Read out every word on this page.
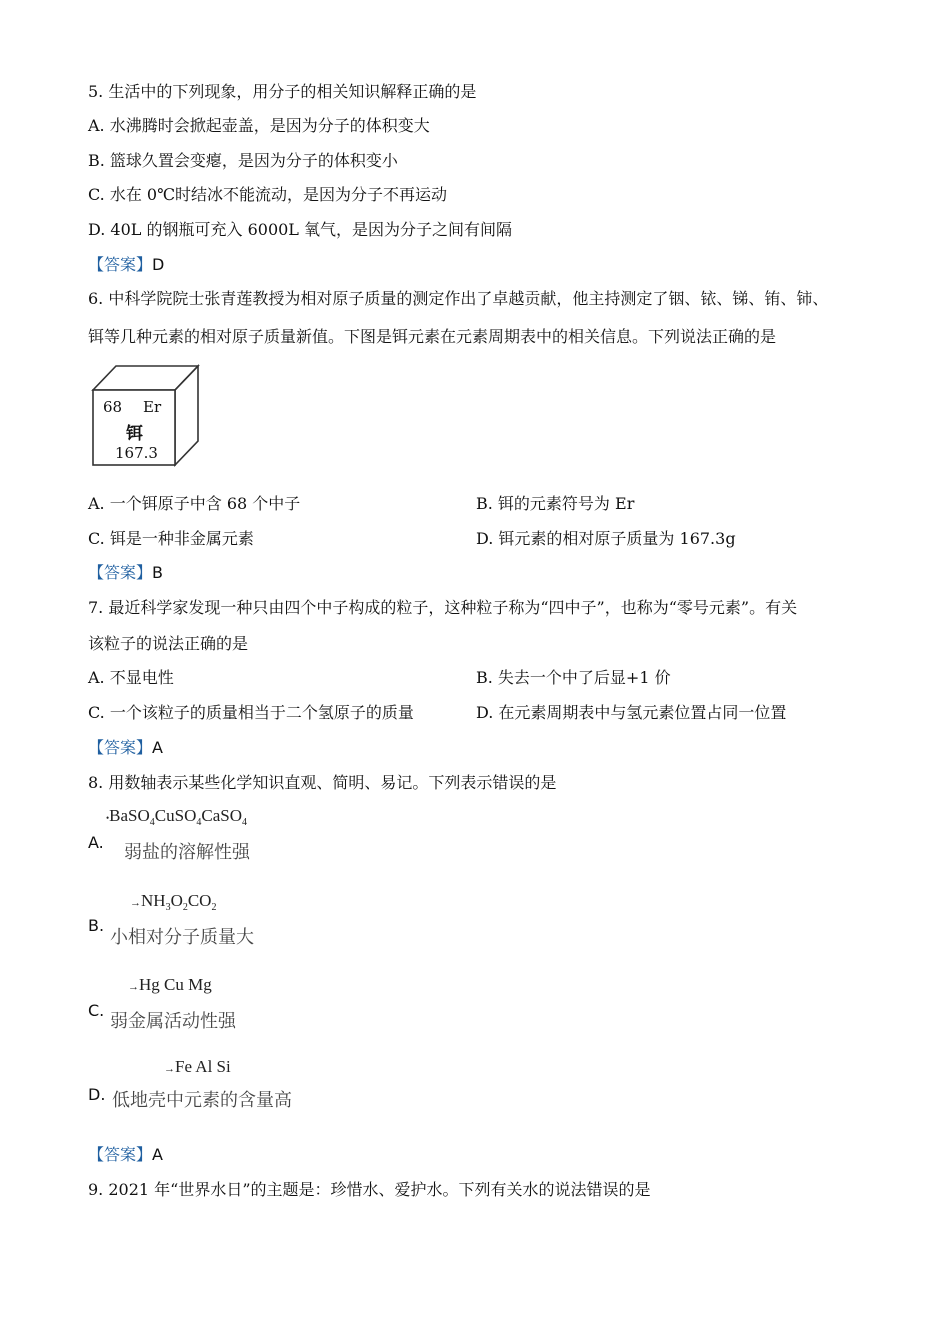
5. 生活中的下列现象，用分子的相关知识解释正确的是
A. 水沸腾时会掀起壶盖，是因为分子的体积变大
B. 篮球久置会变瘪，是因为分子的体积变小
C. 水在 0℃时结冰不能流动，是因为分子不再运动
D. 40L 的钢瓶可充入 6000L 氧气，是因为分子之间有间隔
【答案】D
6. 中科学院院士张青莲教授为相对原子质量的测定作出了卓越贡献，他主持测定了铟、铱、锑、铕、铈、
铒等几种元素的相对原子质量新值。下图是铒元素在元素周期表中的相关信息。下列说法正确的是
68 Er
铒
167.3
A. 一个铒原子中含 68 个中子	B. 铒的元素符号为 Er
C. 铒是一种非金属元素	D. 铒元素的相对原子质量为 167.3g
【答案】B
7. 最近科学家发现一种只由四个中子构成的粒子，这种粒子称为“四中子”，也称为“零号元素”。有关
该粒子的说法正确的是
A. 不显电性	B. 失去一个中了后显+1 价
C. 一个该粒子的质量相当于二个氢原子的质量	D. 在元素周期表中与氢元素位置占同一位置
【答案】A
8. 用数轴表示某些化学知识直观、简明、易记。下列表示错误的是
A.
•BaSO$_4$CuSO$_4$CaSO$_4$
弱盐的溶解性强
B.
$\to NH_3O_2CO_2$
小相对分子质量大
C.
→Hg Cu Mg
弱金属活动性强
D.
→Fe Al Si
低地壳中元素的含量高
【答案】A
9. 2021 年“世界水日”的主题是：珍惜水、爱护水。下列有关水的说法错误的是
